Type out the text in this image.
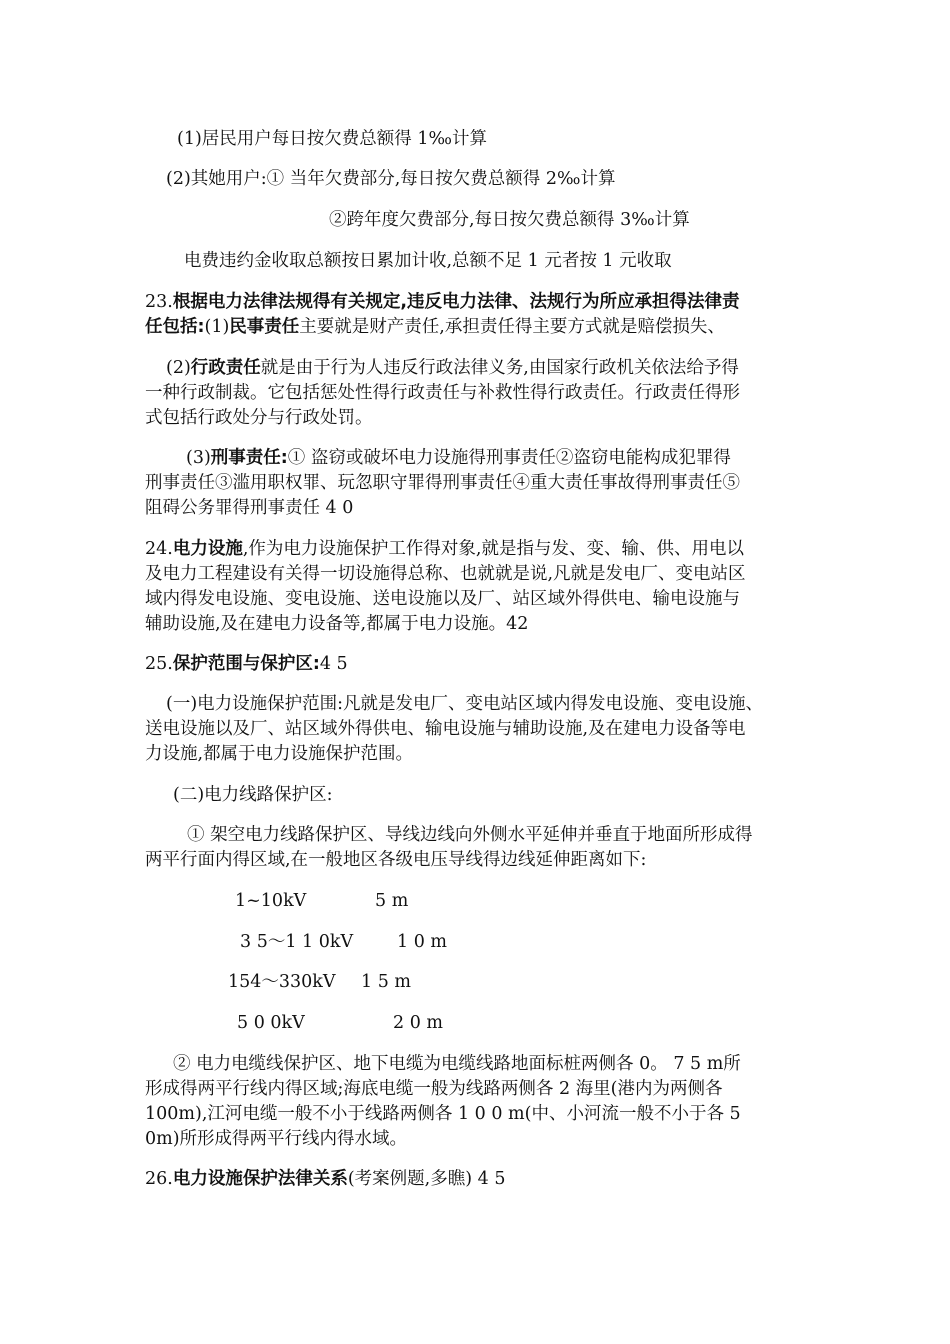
(1)居民用户每日按欠费总额得 1‰计算
(2)其她用户:① 当年欠费部分,每日按欠费总额得 2‰计算
②跨年度欠费部分,每日按欠费总额得 3‰计算
电费违约金收取总额按日累加计收,总额不足 1 元者按 1 元收取
23.根据电力法律法规得有关规定,违反电力法律、法规行为所应承担得法律责
任包括:(1)民事责任主要就是财产责任,承担责任得主要方式就是赔偿损失、
(2)行政责任就是由于行为人违反行政法律义务,由国家行政机关依法给予得
一种行政制裁。它包括惩处性得行政责任与补救性得行政责任。行政责任得形
式包括行政处分与行政处罚。
(3)刑事责任:① 盗窃或破坏电力设施得刑事责任②盗窃电能构成犯罪得
刑事责任③滥用职权罪、玩忽职守罪得刑事责任④重大责任事故得刑事责任⑤
阻碍公务罪得刑事责任 4 0
24.电力设施,作为电力设施保护工作得对象,就是指与发、变、输、供、用电以
及电力工程建设有关得一切设施得总称、也就就是说,凡就是发电厂、变电站区
域内得发电设施、变电设施、送电设施以及厂、站区域外得供电、输电设施与
辅助设施,及在建电力设备等,都属于电力设施。42
25.保护范围与保护区:4 5
(一)电力设施保护范围:凡就是发电厂、变电站区域内得发电设施、变电设施、
送电设施以及厂、站区域外得供电、输电设施与辅助设施,及在建电力设备等电
力设施,都属于电力设施保护范围。
(二)电力线路保护区:
① 架空电力线路保护区、导线边线向外侧水平延伸并垂直于地面所形成得
两平行面内得区域,在一般地区各级电压导线得边线延伸距离如下:
1~10kV	5 m
3 5～1 1 0kV	1 0 m
154～330kV 1 5 m
5 0 0kV	2 0 m
② 电力电缆线保护区、地下电缆为电缆线路地面标桩两侧各 0。 7 5 m所
形成得两平行线内得区域;海底电缆一般为线路两侧各 2 海里(港内为两侧各
100m),江河电缆一般不小于线路两侧各 1 0 0 m(中、小河流一般不小于各 5
0m)所形成得两平行线内得水域。
26.电力设施保护法律关系(考案例题,多瞧) 4 5
